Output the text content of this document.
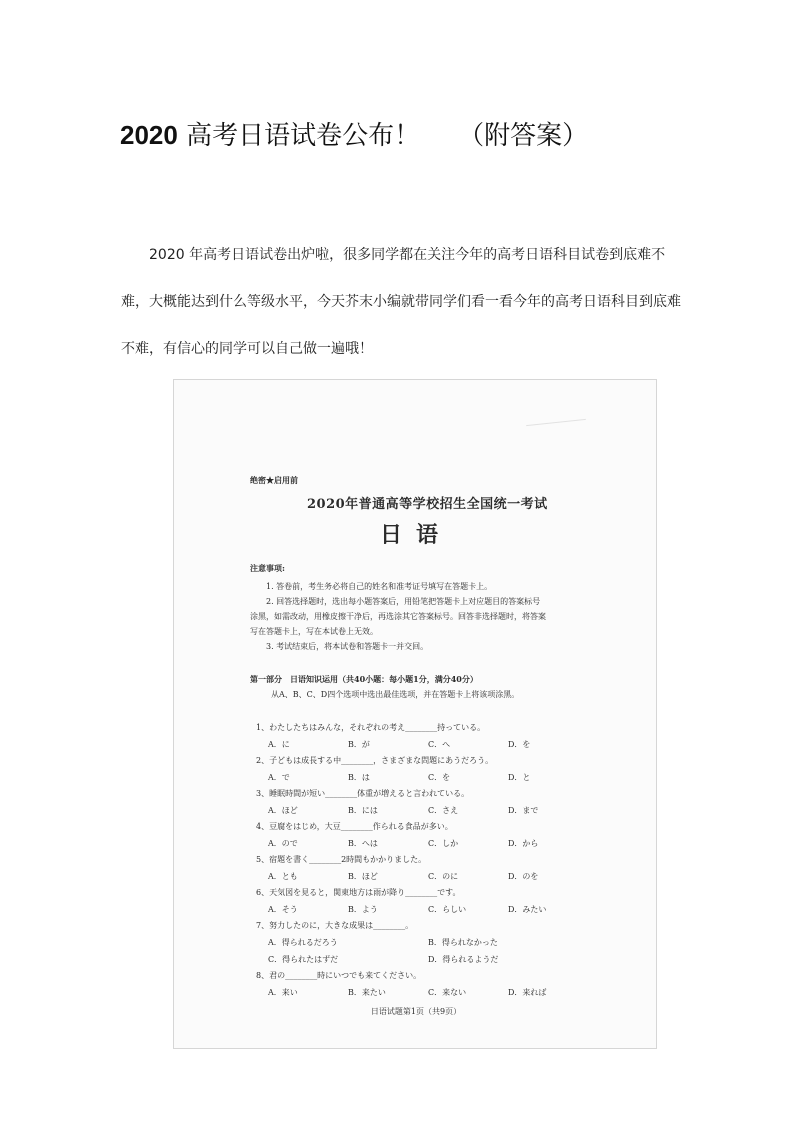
2020 高考日语试卷公布！ （附答案）

2020 年高考日语试卷出炉啦，很多同学都在关注今年的高考日语科目试卷到底难不难，大概能达到什么等级水平，今天芥末小编就带同学们看一看今年的高考日语科目到底难不难，有信心的同学可以自己做一遍哦！

绝密★启用前
2020年普通高等学校招生全国统一考试
日语
注意事项:
1. 答卷前，考生务必将自己的姓名和准考证号填写在答题卡上。
2. 回答选择题时，选出每小题答案后，用铅笔把答题卡上对应题目的答案标号
涂黑，如需改动，用橡皮擦干净后，再选涂其它答案标号。回答非选择题时，将答案
写在答题卡上，写在本试卷上无效。
3. 考试结束后，将本试卷和答题卡一并交回。
第一部分　日语知识运用（共40小题：每小题1分，满分40分）
从A、B、C、D四个选项中选出最佳选项，并在答题卡上将该项涂黑。
1、わたしたちはみんな，それぞれの考え________持っている。
A．に	B．が	C．へ	D．を
2、子どもは成長する中________，さまざまな問題にあうだろう。
A．で	B．は	C．を	D．と
3、睡眠時間が短い________体重が増えると言われている。
A．ほど	B．には	C．さえ	D．まで
4、豆腐をはじめ，大豆________作られる食品が多い。
A．ので	B．へは	C．しか	D．から
5、宿題を書く________2時間もかかりました。
A．とも	B．ほど	C．のに	D．のを
6、天気図を見ると，関東地方は雨が降り________です。
A．そう	B．よう	C．らしい	D．みたい
7、努力したのに，大きな成果は________。
A．得られるだろう	B．得られなかった
C．得られたはずだ	D．得られるようだ
8、君の________時にいつでも来てください。
A．来い	B．来たい	C．来ない	D．来れば
日语试题第1页（共9页）
